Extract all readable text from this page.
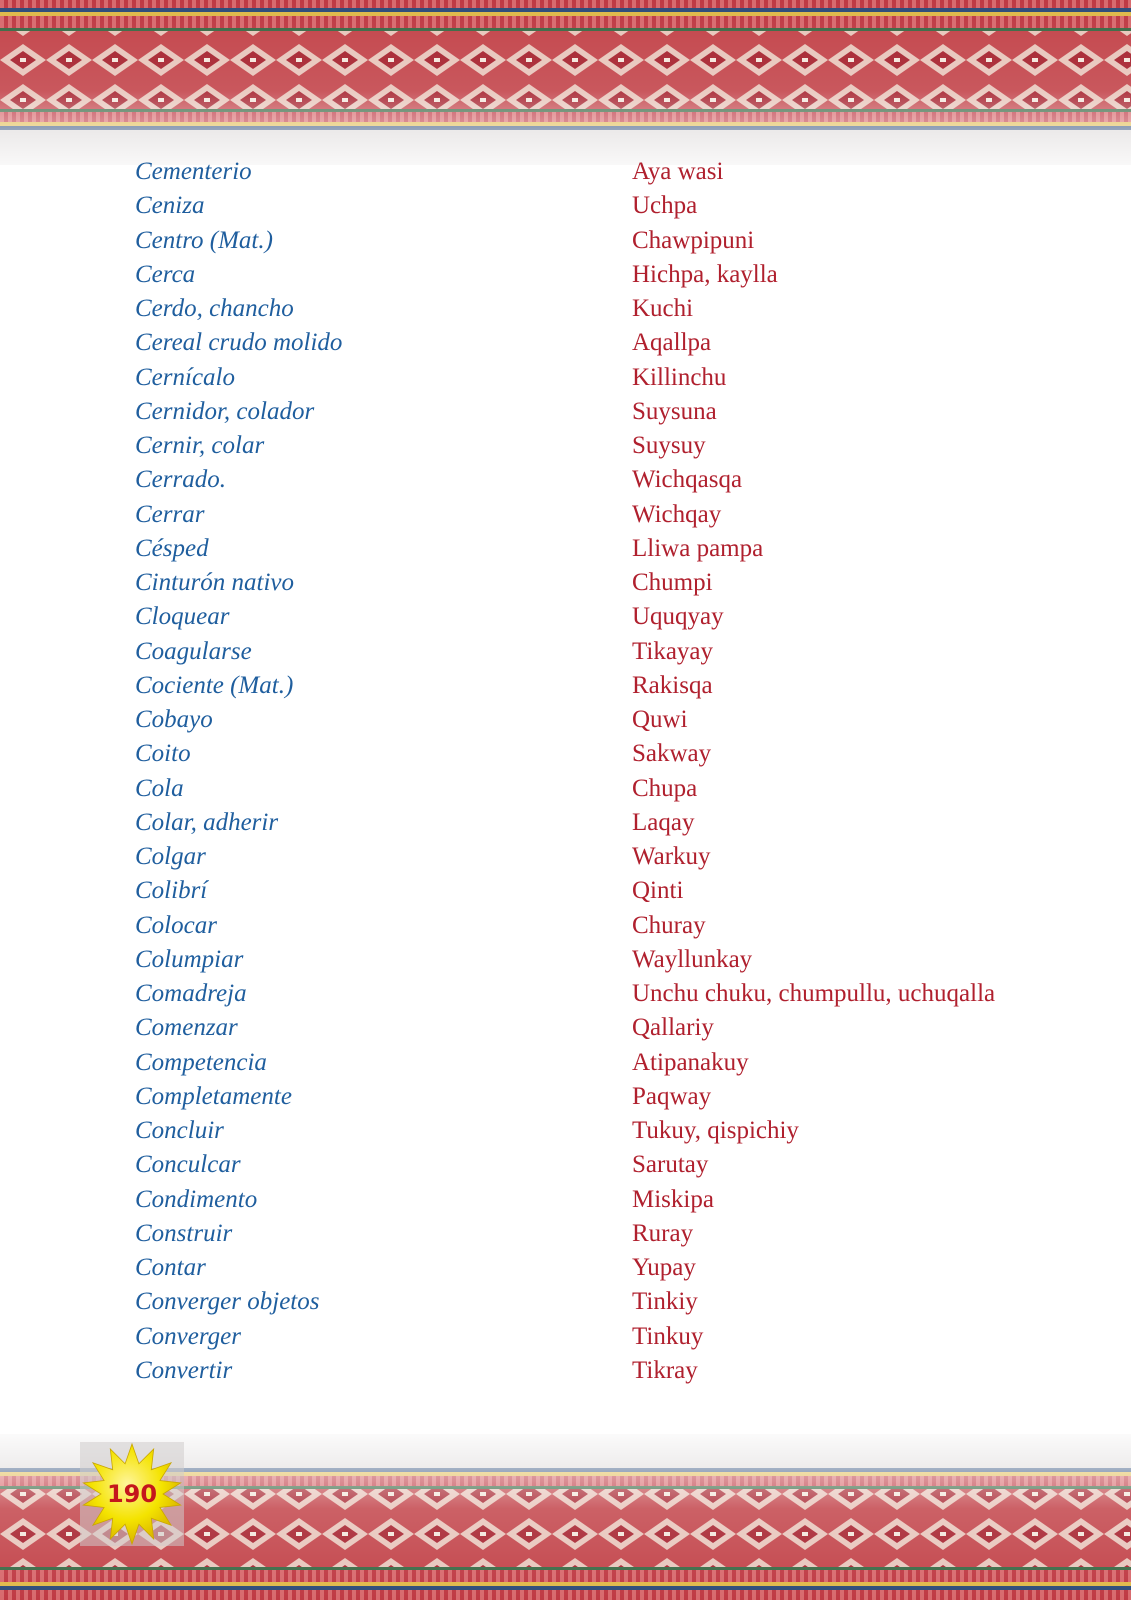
Cementerio	Aya wasi
Ceniza	Uchpa
Centro (Mat.)	Chawpipuni
Cerca	Hichpa, kaylla
Cerdo, chancho	Kuchi
Cereal crudo molido	Aqallpa
Cernícalo	Killinchu
Cernidor, colador	Suysuna
Cernir, colar	Suysuy
Cerrado.	Wichqasqa
Cerrar	Wichqay
Césped	Lliwa pampa
Cinturón nativo	Chumpi
Cloquear	Uquqyay
Coagularse	Tikayay
Cociente (Mat.)	Rakisqa
Cobayo	Quwi
Coito	Sakway
Cola	Chupa
Colar, adherir	Laqay
Colgar	Warkuy
Colibrí	Qinti
Colocar	Churay
Columpiar	Wayllunkay
Comadreja	Unchu chuku, chumpullu, uchuqalla
Comenzar	Qallariy
Competencia	Atipanakuy
Completamente	Paqway
Concluir	Tukuy, qispichiy
Conculcar	Sarutay
Condimento	Miskipa
Construir	Ruray
Contar	Yupay
Converger objetos	Tinkiy
Converger	Tinkuy
Convertir	Tikray
190
